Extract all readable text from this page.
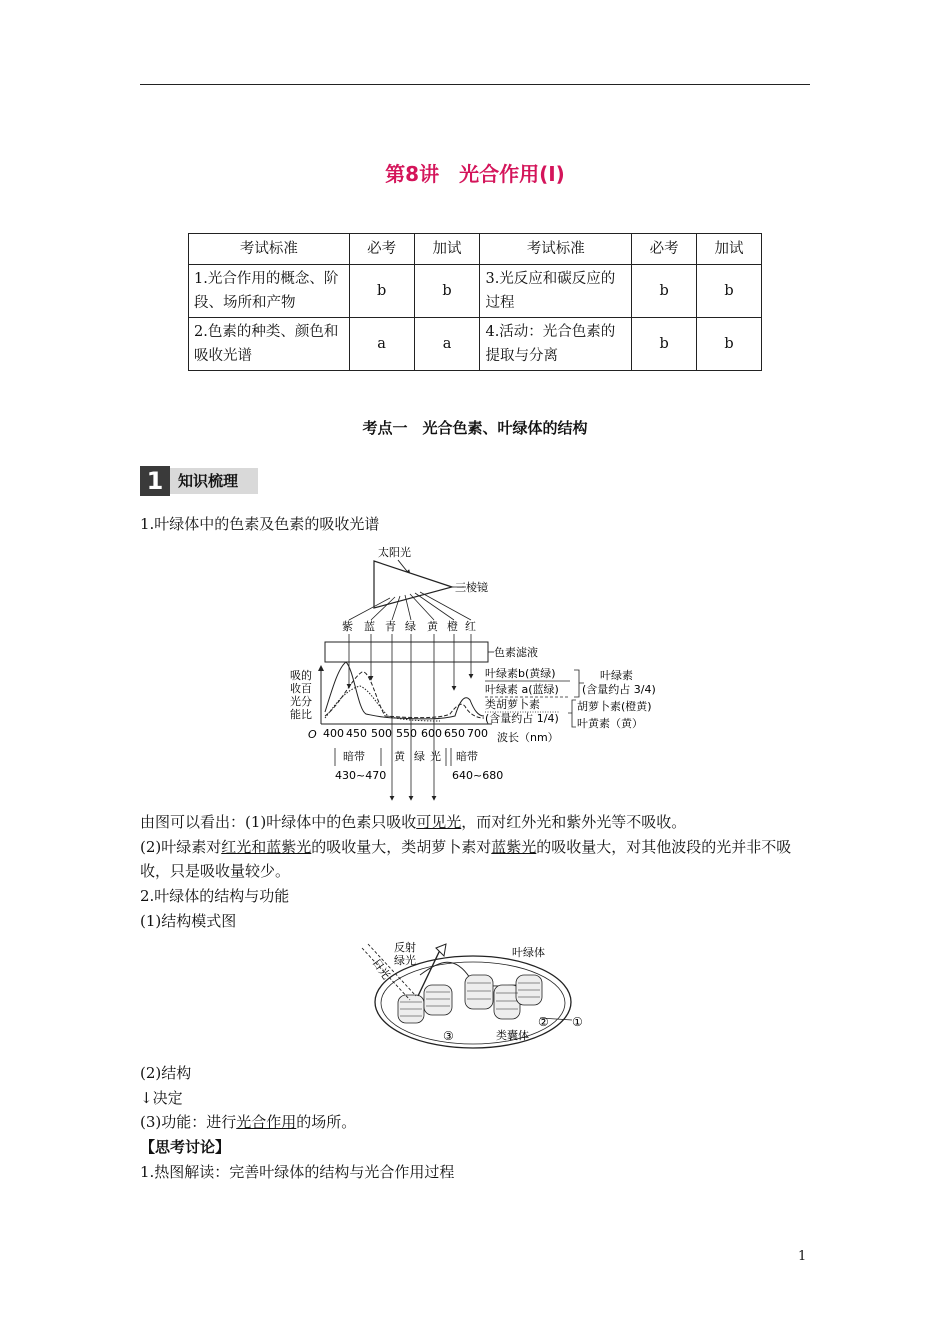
第8讲　光合作用(Ⅰ)
考试标准	必考	加试	考试标准	必考	加试
1.光合作用的概念、阶段、场所和产物	b	b	3.光反应和碳反应的过程	b	b
2.色素的种类、颜色和吸收光谱	a	a	4.活动：光合色素的提取与分离	b	b
考点一　光合色素、叶绿体的结构
1 知识梳理
1.叶绿体中的色素及色素的吸收光谱
太阳光
三棱镜
紫 蓝 青 绿 黄 橙 红
色素滤液
吸的
收百
光分
能比
O 400 450 500 550 600 650 700 波长（nm）
叶绿素b(黄绿)
叶绿素 a(蓝绿)
类胡萝卜素
(含量约占 1/4)
叶绿素
(含量约占 3/4)
胡萝卜素(橙黄)
叶黄素（黄）
暗带
430~470
黄 绿 光 暗带
640~680
由图可以看出：(1)叶绿体中的色素只吸收可见光，而对红外光和紫外光等不吸收。
(2)叶绿素对红光和蓝紫光的吸收量大，类胡萝卜素对蓝紫光的吸收量大，对其他波段的光并非不吸收，只是吸收量较少。
2.叶绿体的结构与功能
(1)结构模式图
日光
反射
绿光
叶绿体
② ①
③	类囊体
(2)结构
↓决定
(3)功能：进行光合作用的场所。
【思考讨论】
1.热图解读：完善叶绿体的结构与光合作用过程
1
